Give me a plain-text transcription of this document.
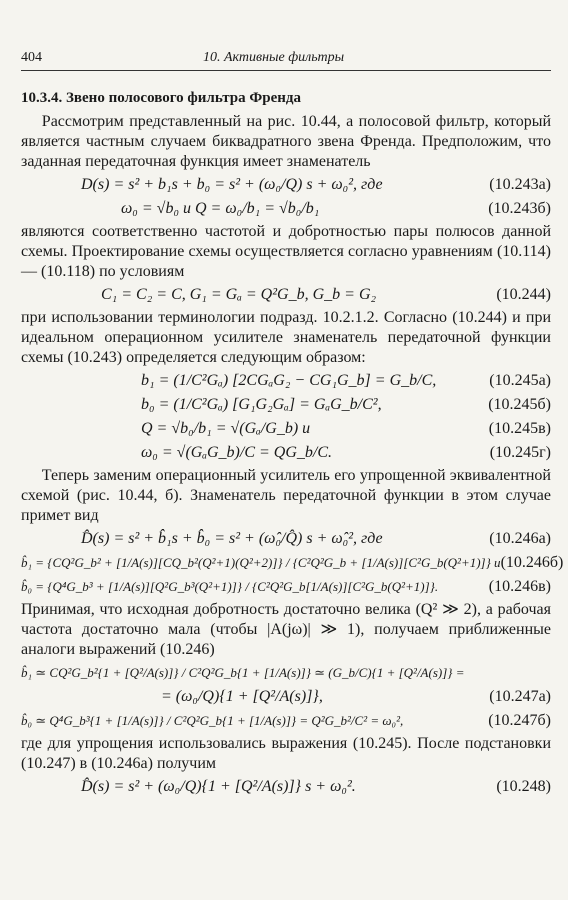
404	10. Активные фильтры
10.3.4. Звено полосового фильтра Френда

Рассмотрим представленный на рис. 10.44, а полосовой фильтр, который является частным случаем биквадратного звена Френда. Предположим, что заданная передаточная функция имеет знаменатель

D(s) = s² + b₁s + b₀ = s² + (ω₀/Q) s + ω₀², где	(10.243а)
ω₀ = √b₀ и Q = ω₀/b₁ = √b₀/b₁	(10.243б)

являются соответственно частотой и добротностью пары полюсов данной схемы. Проектирование схемы осуществляется согласно уравнениям (10.114) — (10.118) по условиям

C₁ = C₂ = C, G₁ = Gₐ = Q²G_b, G_b = G₂	(10.244)

при использовании терминологии подразд. 10.2.1.2. Согласно (10.244) и при идеальном операционном усилителе знаменатель передаточной функции схемы (10.243) определяется следующим образом:

b₁ = (1/C²Gₐ) [2CGₐG₂ − CG₁G_b] = G_b/C,	(10.245а)
b₀ = (1/C²Gₐ) [G₁G₂Gₐ] = GₐG_b/C²,	(10.245б)
Q = √b₀/b₁ = √(Gₐ/G_b) и	(10.245в)
ω₀ = √(GₐG_b)/C = QG_b/C.	(10.245г)

Теперь заменим операционный усилитель его упрощенной эквивалентной схемой (рис. 10.44, б). Знаменатель передаточной функции в этом случае примет вид

D̂(s) = s² + b̂₁s + b̂₀ = s² + (ω̂₀/Q̂) s + ω̂₀², где	(10.246а)
b̂₁ = {CQ²G_b² + [1/A(s)][CQ_b²(Q²+1)(Q²+2)]} / {C²Q²G_b + [1/A(s)][C²G_b(Q²+1)]} и (10.246б)
b̂₀ = {Q⁴G_b³ + [1/A(s)][Q²G_b³(Q²+1)]} / {C²Q²G_b[1/A(s)][C²G_b(Q²+1)]}.	(10.246в)

Принимая, что исходная добротность достаточно велика (Q² ≫ 2), а рабочая частота достаточно мала (чтобы |A(jω)| ≫ 1), получаем приближенные аналоги выражений (10.246)

b̂₁ ≃ CQ²G_b²{1 + [Q²/A(s)]} / C²Q²G_b{1 + [1/A(s)]} ≃ (G_b/C){1 + [Q²/A(s)]} =
= (ω₀/Q){1 + [Q²/A(s)]},	(10.247а)
b̂₀ ≃ Q⁴G_b³{1 + [1/A(s)]} / C²Q²G_b{1 + [1/A(s)]} = Q²G_b²/C² = ω₀²,	(10.247б)

где для упрощения использовались выражения (10.245). После подстановки (10.247) в (10.246а) получим

D̂(s) = s² + (ω₀/Q){1 + [Q²/A(s)]} s + ω₀².	(10.248)
